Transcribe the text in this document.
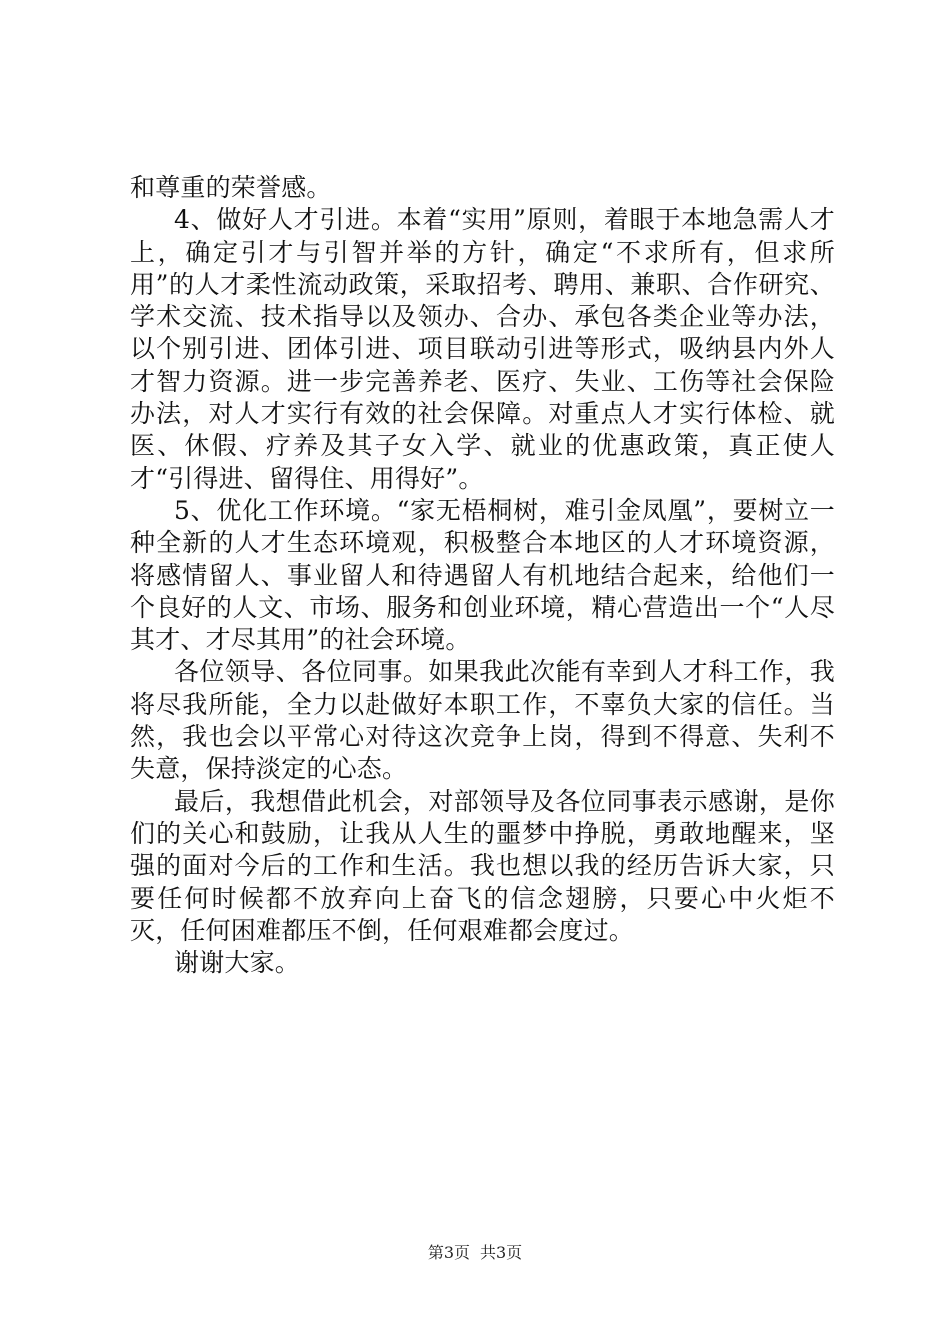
和尊重的荣誉感。

4、做好人才引进。本着“实用”原则，着眼于本地急需人才上，确定引才与引智并举的方针，确定“不求所有，但求所用”的人才柔性流动政策，采取招考、聘用、兼职、合作研究、学术交流、技术指导以及领办、合办、承包各类企业等办法，以个别引进、团体引进、项目联动引进等形式，吸纳县内外人才智力资源。进一步完善养老、医疗、失业、工伤等社会保险办法，对人才实行有效的社会保障。对重点人才实行体检、就医、休假、疗养及其子女入学、就业的优惠政策，真正使人才“引得进、留得住、用得好”。

5、优化工作环境。“家无梧桐树，难引金凤凰”，要树立一种全新的人才生态环境观，积极整合本地区的人才环境资源，将感情留人、事业留人和待遇留人有机地结合起来，给他们一个良好的人文、市场、服务和创业环境，精心营造出一个“人尽其才、才尽其用”的社会环境。

各位领导、各位同事。如果我此次能有幸到人才科工作，我将尽我所能，全力以赴做好本职工作，不辜负大家的信任。当然，我也会以平常心对待这次竞争上岗，得到不得意、失利不失意，保持淡定的心态。

最后，我想借此机会，对部领导及各位同事表示感谢，是你们的关心和鼓励，让我从人生的噩梦中挣脱，勇敢地醒来，坚强的面对今后的工作和生活。我也想以我的经历告诉大家，只要任何时候都不放弃向上奋飞的信念翅膀，只要心中火炬不灭，任何困难都压不倒，任何艰难都会度过。

谢谢大家。

第3页 共3页
